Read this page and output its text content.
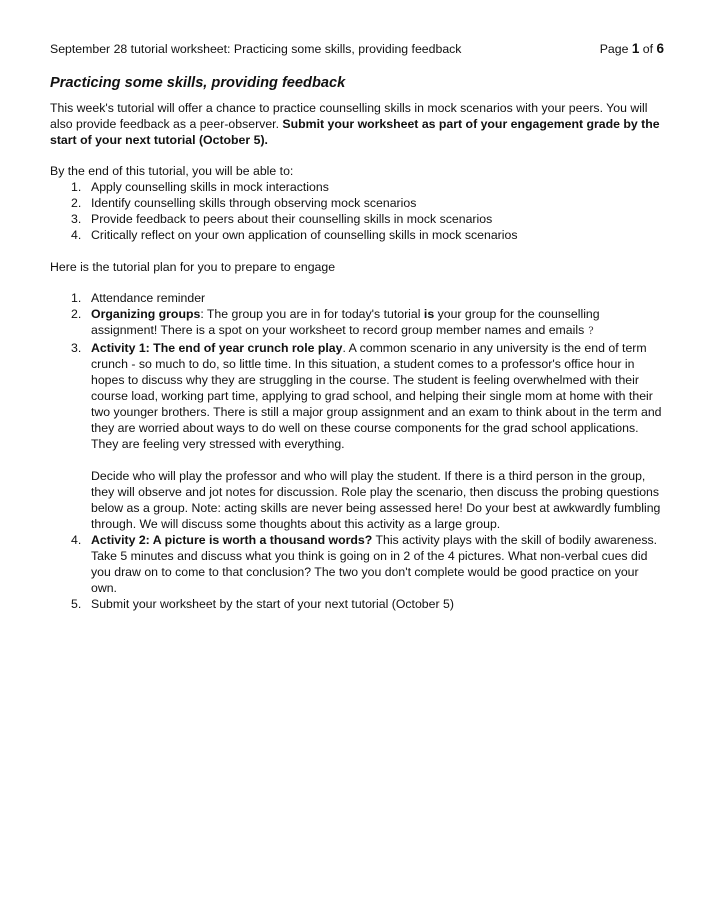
September 28 tutorial worksheet: Practicing some skills, providing feedback	Page 1 of 6
Practicing some skills, providing feedback

This week's tutorial will offer a chance to practice counselling skills in mock scenarios with your peers. You will also provide feedback as a peer-observer. Submit your worksheet as part of your engagement grade by the start of your next tutorial (October 5).

By the end of this tutorial, you will be able to:

1. Apply counselling skills in mock interactions
2. Identify counselling skills through observing mock scenarios
3. Provide feedback to peers about their counselling skills in mock scenarios
4. Critically reflect on your own application of counselling skills in mock scenarios

Here is the tutorial plan for you to prepare to engage

1. Attendance reminder
2. Organizing groups: The group you are in for today's tutorial is your group for the counselling assignment! There is a spot on your worksheet to record group member names and emails ?
3. Activity 1: The end of year crunch role play. A common scenario in any university is the end of term crunch - so much to do, so little time. In this situation, a student comes to a professor's office hour in hopes to discuss why they are struggling in the course. The student is feeling overwhelmed with their course load, working part time, applying to grad school, and helping their single mom at home with their two younger brothers. There is still a major group assignment and an exam to think about in the term and they are worried about ways to do well on these course components for the grad school applications. They are feeling very stressed with everything.

Decide who will play the professor and who will play the student. If there is a third person in the group, they will observe and jot notes for discussion. Role play the scenario, then discuss the probing questions below as a group. Note: acting skills are never being assessed here! Do your best at awkwardly fumbling through. We will discuss some thoughts about this activity as a large group.

4. Activity 2: A picture is worth a thousand words? This activity plays with the skill of bodily awareness. Take 5 minutes and discuss what you think is going on in 2 of the 4 pictures. What non-verbal cues did you draw on to come to that conclusion? The two you don't complete would be good practice on your own.
5. Submit your worksheet by the start of your next tutorial (October 5)
